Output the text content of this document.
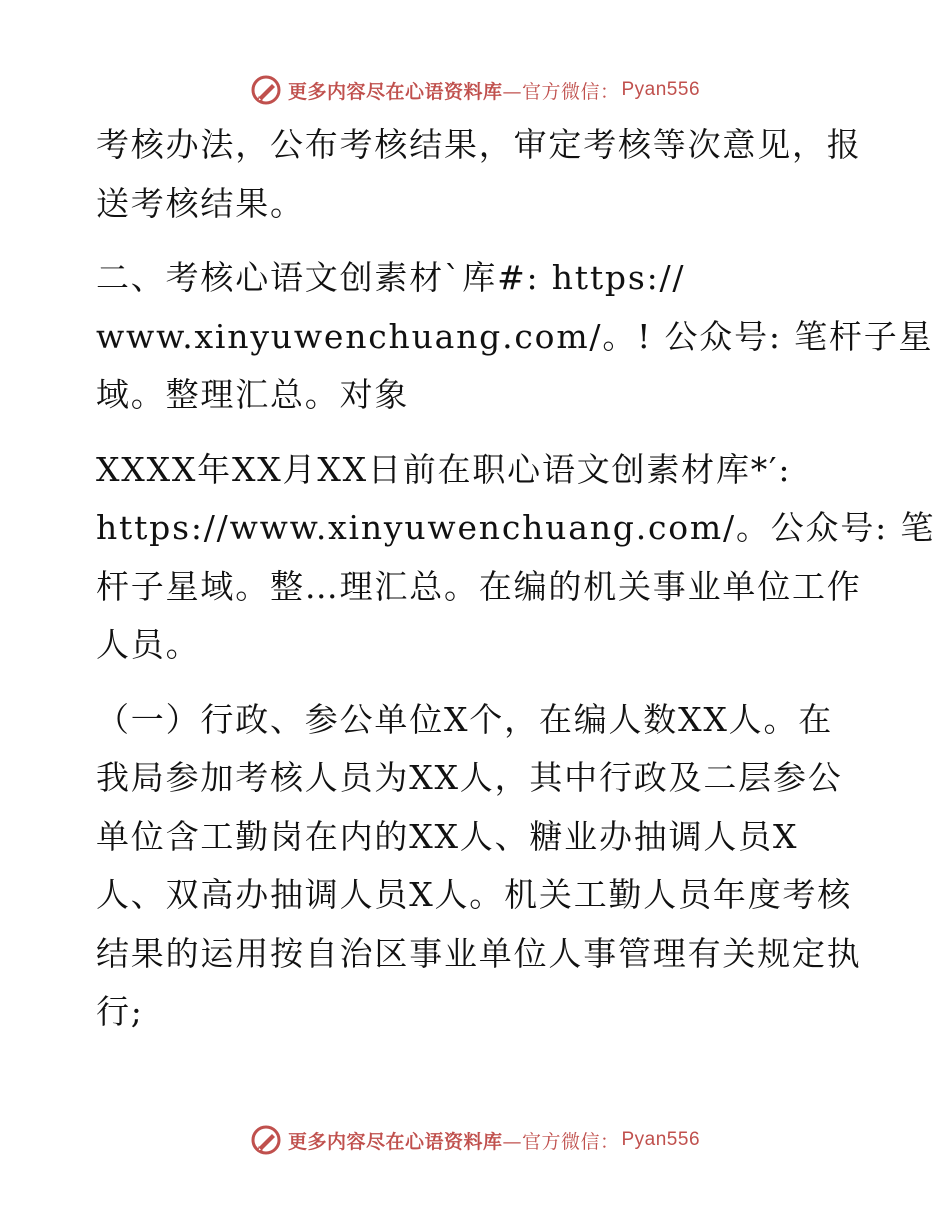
更多内容尽在心语资料库 —官方微信： Pyan556

考核办法，公布考核结果，审定考核等次意见，报
送考核结果。

二、考核心语文创素材`库#: https://
www.xinyuwenchuang.com/。! 公众号: 笔杆子星
域。整理汇总。对象

XXXX年XX月XX日前在职心语文创素材库*′:
https://www.xinyuwenchuang.com/。公众号: 笔
杆子星域。整…理汇总。在编的机关事业单位工作
人员。

（一）行政、参公单位X个，在编人数XX人。在
我局参加考核人员为XX人，其中行政及二层参公
单位含工勤岗在内的XX人、糖业办抽调人员X
人、双高办抽调人员X人。机关工勤人员年度考核
结果的运用按自治区事业单位人事管理有关规定执
行;

更多内容尽在心语资料库 —官方微信： Pyan556
